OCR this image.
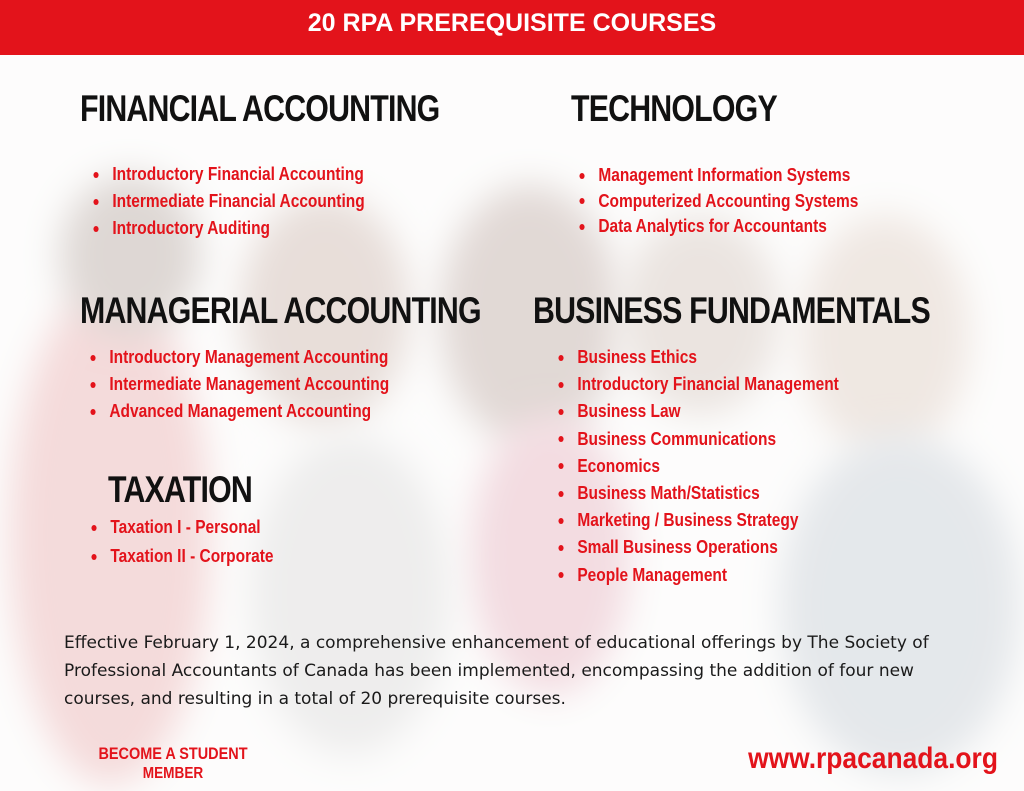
20 RPA PREREQUISITE COURSES
FINANCIAL ACCOUNTING
Introductory Financial Accounting
Intermediate Financial Accounting
Introductory Auditing
TECHNOLOGY
Management Information Systems
Computerized Accounting Systems
Data Analytics for Accountants
MANAGERIAL ACCOUNTING
Introductory Management Accounting
Intermediate Management Accounting
Advanced Management Accounting
BUSINESS FUNDAMENTALS
Business Ethics
Introductory Financial Management
Business Law
Business Communications
Economics
Business Math/Statistics
Marketing / Business Strategy
Small Business Operations
People Management
TAXATION
Taxation I - Personal
Taxation II - Corporate

Effective February 1, 2024, a comprehensive enhancement of educational offerings by The Society of Professional Accountants of Canada has been implemented, encompassing the addition of four new courses, and resulting in a total of 20 prerequisite courses.

BECOME A STUDENT
MEMBER	www.rpacanada.org
